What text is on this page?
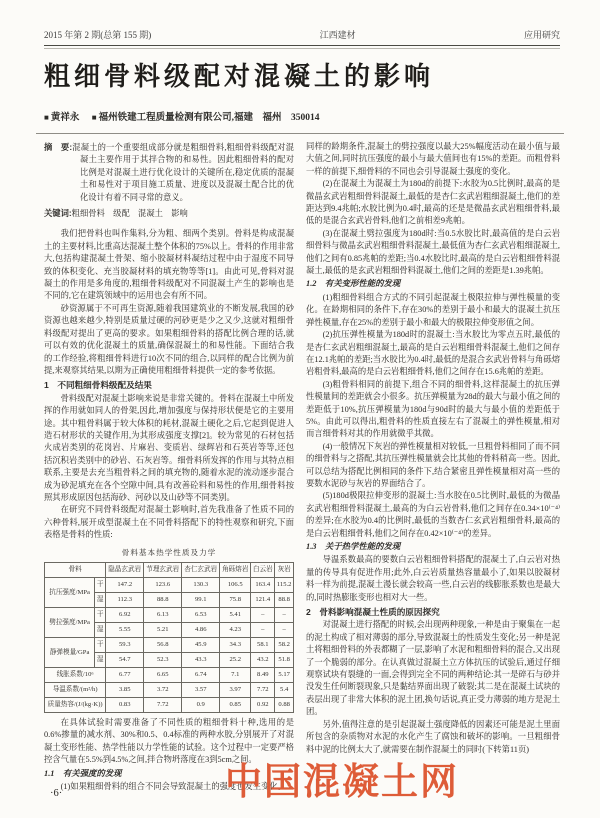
2015 年第 2 期(总第 155 期)	江西建材	应用研究
粗细骨料级配对混凝土的影响
■ 黄祥永 ■ 福州铁建工程质量检测有限公司,福建　福州　350014
摘　要:混凝土的一个重要组成部分就是粗细骨料,粗细骨料级配对混凝土主要作用于其拌合物的和易性。因此粗细骨料的配对比例是对混凝土进行优化设计的关键所在,稳定优质的混凝土和易性对于项目施工质量、进度以及混凝土配合比的优化设计有着不同寻常的意义。
关键词:粗细骨料　级配　混凝土　影响
我们把骨料也叫作集料,分为粗、细两个类别。骨料是构成混凝土的主要材料,比重高达混凝土整个体积的75%以上。骨料的作用非常大,包括构建混凝土骨架、缩小胶凝材料凝结过程中由于湿度不同导致的体积变化、充当胶凝材料的填充物等等[1]。由此可见,骨料对混凝土的作用是多角度的,粗细骨料级配对不同混凝土产生的影响也是不同的,它在建筑领域中的运用也会有所不同。
砂资源属于不可再生资源,随着我国建筑业的不断发展,我国的砂资源也越来越少,特别是质量过硬的河砂更是少之又少,这就对粗细骨料级配对提出了更高的要求。如果粗细骨料的搭配比例合理的话,就可以有效的优化混凝土的质量,确保混凝土的和易性能。下面结合我的工作经验,将粗细骨料进行10次不同的组合,以同样的配合比例为前提,来观察其结果,以期为正确使用粗细骨料提供一定的参考依据。
1　不同粗细骨料级配及结果
骨料级配对混凝土影响来说是非常关键的。骨料在混凝土中所发挥的作用就如同人的骨架,因此,增加强度与保持形状便是它的主要用途。其中粗骨料属于较大体积的耗材,混凝土硬化之后,它起到促进人造石材形状的关键作用,为其形成强度支撑[2]。较为常见的石材包括火成岩类别的花岗岩、片麻岩、变质岩、绿辉岩和石英岩等等,还包括沉积岩类别中的砂岩、石灰岩等。细骨料所发挥的作用与其特点相联系,主要是去充当粗骨料之间的填充物的,随着水泥的流动逐步混合成为砂泥填充在各个空隙中间,具有改善砼料和易性的作用,细骨料按照其形成原因包括海砂、河砂以及山砂等不同类别。
在研究不同骨料级配对混凝土影响时,首先我准备了性质不同的六种骨料,展开成型混凝土在不同骨料搭配下的特性观察和研究,下面表格是骨料的性质:
骨料基本热学性质及力学
骨料		隐晶玄武岩	节理玄武岩	杏仁玄武岩	角砾熔岩	白云岩	灰岩
抗压强度/MPa	干	147.2	123.6	130.3	106.5	163.4	115.2
	湿	112.3	88.8	99.1	75.8	121.4	88.8
劈拉强度/MPa	干	6.92	6.13	6.53	5.41	–	–
	湿	5.55	5.21	4.86	4.23	–	–
静弹模量/GPa	干	59.3	56.8	45.9	34.3	58.1	58.2
	湿	54.7	52.3	43.3	25.2	43.2	51.8
线胀系数/10⁶		6.77	6.65	6.74	7.1	8.49	5.17
导温系数/(m²/h)		3.85	3.72	3.57	3.97	7.72	5.4
质量热容/(J/(kg·K))		0.83	7.72	0.9	0.85	0.92	0.88
在具体试验时需要准备了不同性质的粗细骨料十种,选用的是0.6%掺量的减水剂、30%和0.5、0.4标准的两种水胶,分别展开了对混凝土变形性能、热学性能以力学性能的试验。这个过程中一定要严格控含气量在5.5%到4.5%之间,拌合物坍落度在3到5cm之间。
1.1　有关强度的发现
(1)如果粗细骨料的组合不同会导致混凝土的强度也发生变化。
同样的龄期条件,混凝土的劈拉强度以最大25%幅度活动在最小值与最大值之间,同时抗压强度的最小与最大值间也有15%的差距。而粗骨料一样的前提下,细骨料的不同也会引导混凝土强度的变化。
(2)在混凝土为混凝土为180d的前提下:水胶为0.5比例时,最高的是微晶玄武岩粗细骨料混凝土,最低的是杏仁玄武岩粗细混凝土,他们的差距达到9.4兆帕;水胶比例为0.4时,最高的还是是微晶玄武岩粗细骨料,最低的是混合玄武岩骨料,他们之前相差9兆帕。
(3)在混凝土劈拉强度为180d时:当0.5水胶比时,最高值的是白云岩细骨料与微晶玄武岩粗细骨料混凝土,最低值为杏仁玄武岩粗细混凝土,他们之间有0.85兆帕的差距;当0.4水胶比时,最高的是白云岩粗细骨料混凝土,最低的是玄武岩粗细骨料混凝土,他们之间的差距是1.39兆帕。
1.2　有关变形性能的发现
(1)粗细骨料组合方式的不同引起混凝土极限拉伸与弹性模量的变化。在龄期相同的条件下,存在30%的差别于最小和最大的混凝土抗压弹性模量,存在25%的差别于最小和最大的极限拉伸变形值之间。
(2)抗压弹性模量为180d时的混凝土:当水胶比为零点五时,最低的是杏仁玄武岩粗细混凝土,最高的是白云岩粗细骨料混凝土,他们之间存在12.1兆帕的差距;当水胶比为0.4时,最低的是混合玄武岩骨料与角砾熔岩粗骨料,最高的是白云岩粗细骨料,他们之间存在15.6兆帕的差距。
(3)粗骨料相同的前提下,组合不同的细骨料,这样混凝土的抗压弹性模量间的差距就会小很多。抗压弹模量为28d的最大与最小值之间的差距低于10%,抗压弹模量为180d与90d时的最大与最小值的差距低于5%。由此可以得出,粗骨料的性质直接左右了混凝土的弹性模量,相对而言细骨料对其的作用就微乎其微。
(4)一般情况下灰岩的弹性模量相对较低,一旦粗骨料相同了而不同的细骨料与之搭配,其抗压弹性模量就会比其他的骨料稍高一些。因此,可以总结为搭配比例相同的条件下,结合紧密且弹性模量相对高一些的要数水泥砂与灰岩的界面结合了。
(5)180d极限拉伸变形的混凝土:当水胶在0.5比例时,最低的为微晶玄武岩粗细骨料混凝土,最高的为白云岩骨料,他们之间存在0.34×10⁽⁻⁴⁾的差异;在水胶为0.4的比例时,最低的当数杏仁玄武岩粗细骨料,最高的是白云岩粗细骨料,他们之间存在0.42×10⁽⁻⁴⁾的差异。
1.3　关于热学性能的发现
导温系数最高的要数白云岩粗细骨料搭配的混凝土了,白云岩对热量的传导具有促进作用;此外,白云岩质量热容量最小了,如果以胶凝材料一样为前提,混凝土漫长就会较高一些,白云岩的线膨胀系数也是最大的,同时热膨胀变形也相对大一些。
2　骨料影响混凝土性质的原因探究
对混凝土进行搭配的时候,会出现两种现象,一种是由于聚集在一起的泥土构成了相对薄弱的部分,导致混凝土的性质发生变化;另一种是泥土将粗细骨料的外表都糊了一层,影响了水泥和粗细骨料的混合,又出现了一个脆弱的部分。在认真做过混凝土立方体抗压的试验后,通过仔细观察试块有裂缝的一面,会得到完全不同的两种结论:其一是碎石与砂并没发生任何断裂现象,只是黏结界面出现了破裂;其二是在混凝土试块的表层出现了非常大体积的泥土团,换句话说,真正受力薄弱的地方是泥土团。
另外,值得注意的是引起混凝土强度降低的因素还可能是泥土里面所包含的杂质物对水泥的水化产生了腐蚀和破坏的影响。一旦粗细骨料中泥的比例太大了,就需要在制作混凝土的同时(下转第11页)
·6·	中国混凝土网
